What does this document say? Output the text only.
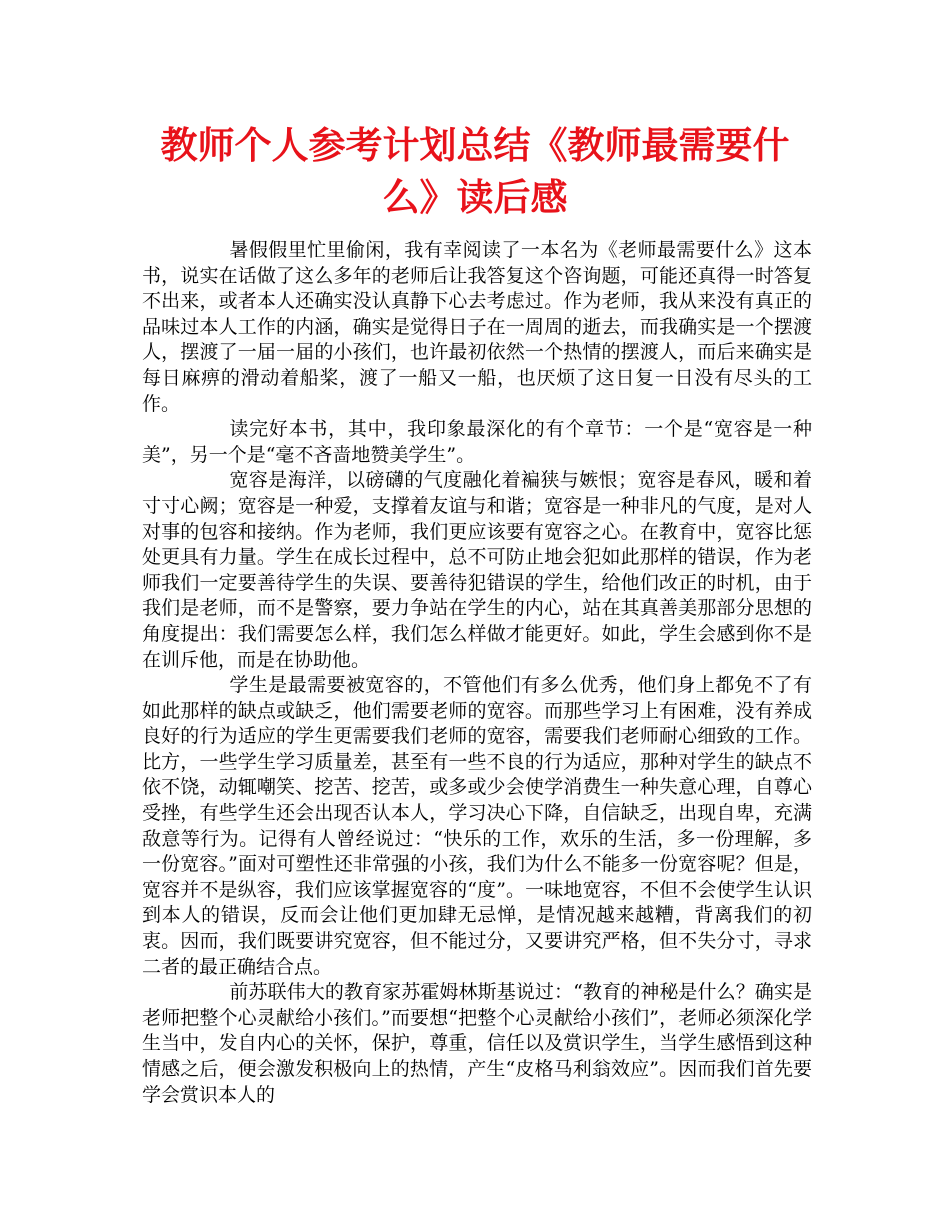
教师个人参考计划总结《教师最需要什么》读后感

暑假假里忙里偷闲，我有幸阅读了一本名为《老师最需要什么》这本书，说实在话做了这么多年的老师后让我答复这个咨询题，可能还真得一时答复不出来，或者本人还确实没认真静下心去考虑过。作为老师，我从来没有真正的品味过本人工作的内涵，确实是觉得日子在一周周的逝去，而我确实是一个摆渡人，摆渡了一届一届的小孩们，也许最初依然一个热情的摆渡人，而后来确实是每日麻痹的滑动着船桨，渡了一船又一船，也厌烦了这日复一日没有尽头的工作。

读完好本书，其中，我印象最深化的有个章节：一个是“宽容是一种美”，另一个是“毫不吝啬地赞美学生”。

宽容是海洋，以磅礴的气度融化着褊狭与嫉恨；宽容是春风，暖和着寸寸心阙；宽容是一种爱，支撑着友谊与和谐；宽容是一种非凡的气度，是对人对事的包容和接纳。作为老师，我们更应该要有宽容之心。在教育中，宽容比惩处更具有力量。学生在成长过程中，总不可防止地会犯如此那样的错误，作为老师我们一定要善待学生的失误、要善待犯错误的学生，给他们改正的时机，由于我们是老师，而不是警察，要力争站在学生的内心，站在其真善美那部分思想的角度提出：我们需要怎么样，我们怎么样做才能更好。如此，学生会感到你不是在训斥他，而是在协助他。

学生是最需要被宽容的，不管他们有多么优秀，他们身上都免不了有如此那样的缺点或缺乏，他们需要老师的宽容。而那些学习上有困难，没有养成良好的行为适应的学生更需要我们老师的宽容，需要我们老师耐心细致的工作。比方，一些学生学习质量差，甚至有一些不良的行为适应，那种对学生的缺点不依不饶，动辄嘲笑、挖苦、挖苦，或多或少会使学消费生一种失意心理，自尊心受挫，有些学生还会出现否认本人，学习决心下降，自信缺乏，出现自卑，充满敌意等行为。记得有人曾经说过：“快乐的工作，欢乐的生活，多一份理解，多一份宽容。”面对可塑性还非常强的小孩，我们为什么不能多一份宽容呢？但是，宽容并不是纵容，我们应该掌握宽容的“度”。一味地宽容，不但不会使学生认识到本人的错误，反而会让他们更加肆无忌惮，是情况越来越糟，背离我们的初衷。因而，我们既要讲究宽容，但不能过分，又要讲究严格，但不失分寸，寻求二者的最正确结合点。

前苏联伟大的教育家苏霍姆林斯基说过：“教育的神秘是什么？确实是老师把整个心灵献给小孩们。”而要想“把整个心灵献给小孩们”，老师必须深化学生当中，发自内心的关怀，保护，尊重，信任以及赏识学生，当学生感悟到这种情感之后，便会激发积极向上的热情，产生“皮格马利翁效应”。因而我们首先要学会赏识本人的
